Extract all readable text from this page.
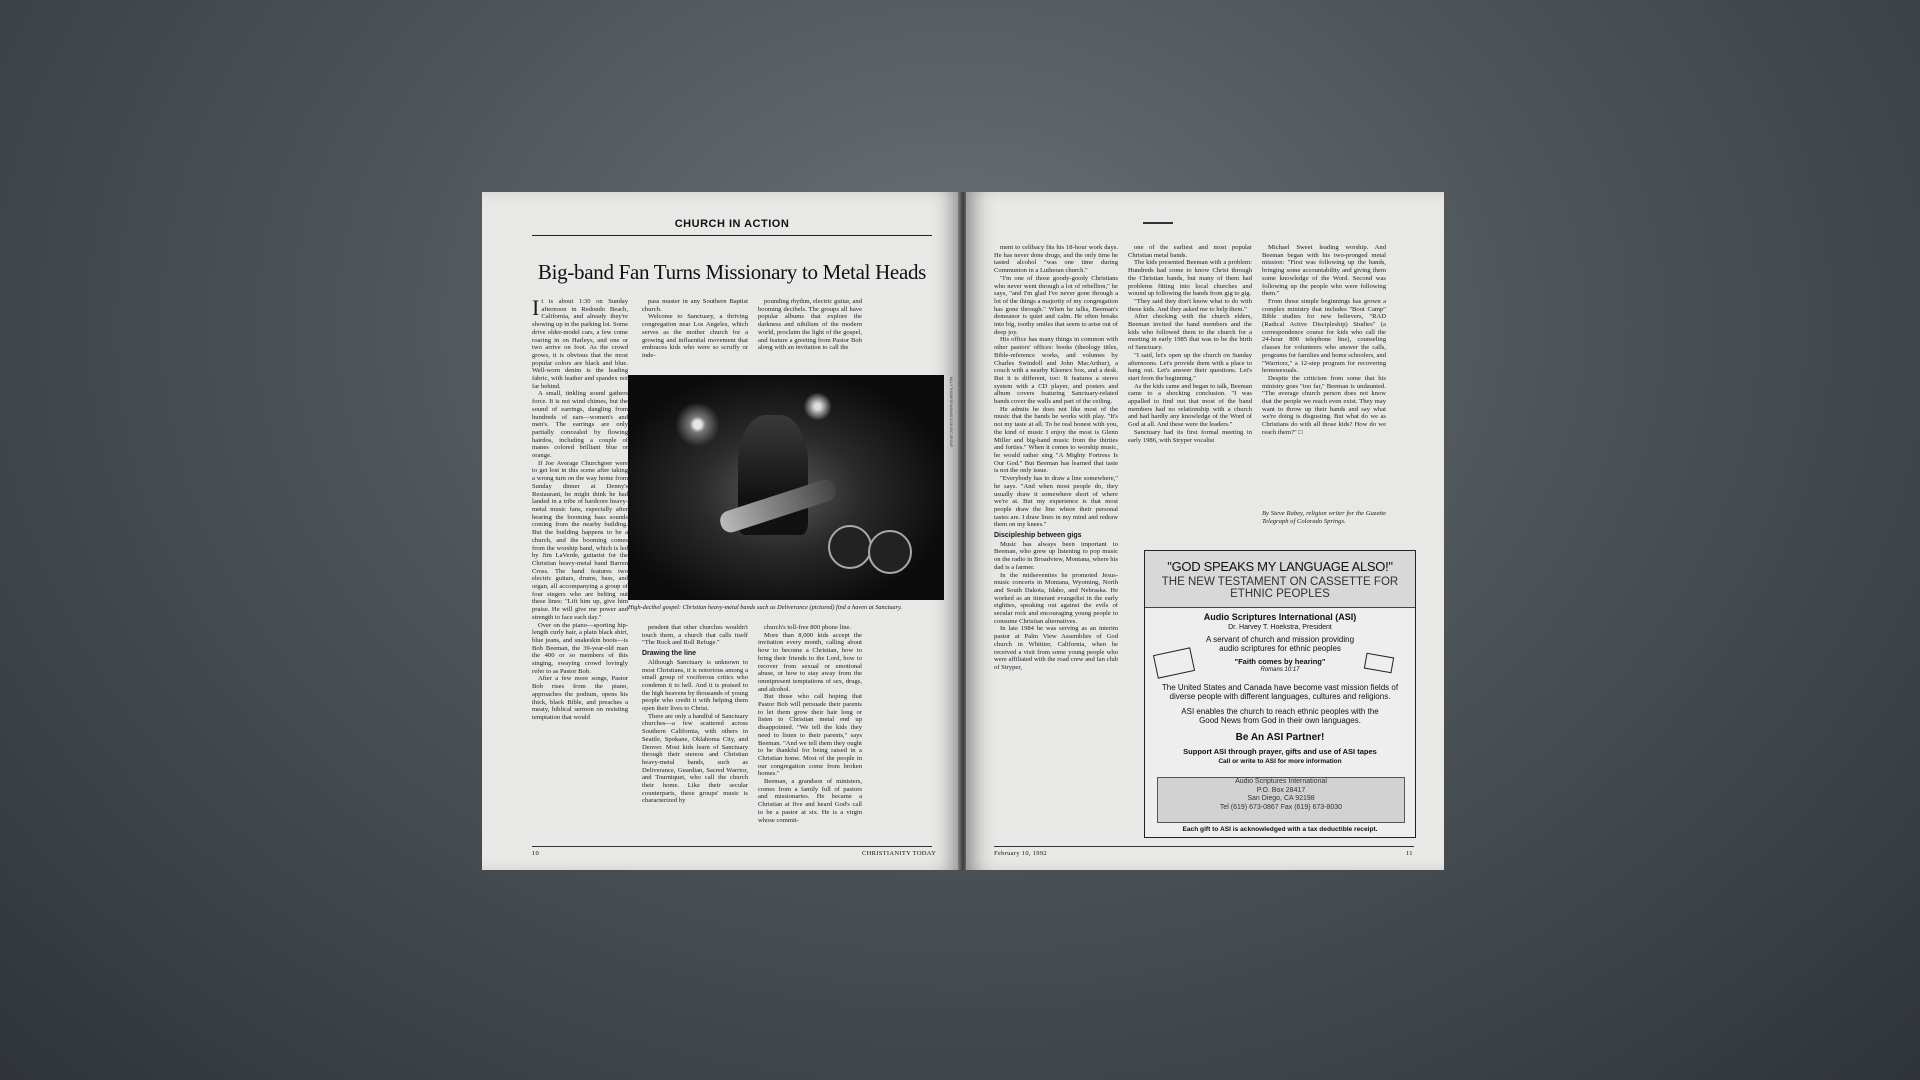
CHURCH IN ACTION
Big-band Fan Turns Missionary to Metal Heads
I t is about 1:30 on Sunday afternoon in Redondo Beach, California, and already they're showing up in the parking lot. Some drive older-model cars, a few come roaring in on Harleys, and one or two arrive on foot. As the crowd grows, it is obvious that the most popular colors are black and blue. Well-worn denim is the leading fabric, with leather and spandex not far behind.

A small, tinkling sound gathers force. It is not wind chimes, but the sound of earrings, dangling from hundreds of ears—women's and men's. The earrings are only partially concealed by flowing hairdos, including a couple of manes colored brilliant blue or orange.

If Joe Average Churchgoer were to get lost in this scene after taking a wrong turn on the way home from Sunday dinner at Denny's Restaurant, he might think he had landed in a tribe of hardcore heavy-metal music fans, especially after hearing the booming bass sounds coming from the nearby building. But the building happens to be a church, and the booming comes from the worship band, which is led by Jim LaVerde, guitarist for the Christian heavy-metal band Barren Cross. The band features two electric guitars, drums, bass, and organ, all accompanying a group of four singers who are belting out these lines: "Lift him up, give him praise. He will give me power and strength to face each day."

Over on the piano—sporting hip-length curly hair, a plain black shirt, blue jeans, and snakeskin boots—is Bob Beeman, the 39-year-old man the 400 or so members of this singing, swaying crowd lovingly refer to as Pastor Bob.

After a few more songs, Pastor Bob rises from the piano, approaches the podium, opens his thick, black Bible, and preaches a meaty, biblical sermon on resisting temptation that would

pass muster in any Southern Baptist church.

Welcome to Sanctuary, a thriving congregation near Los Angeles, which serves as the mother church for a growing and influential movement that embraces kids who were so scruffy or inde-

pounding rhythm, electric guitar, and booming decibels. The groups all have popular albums that explore the darkness and nihilism of the modern world, proclaim the light of the gospel, and feature a greeting from Pastor Bob along with an invitation to call the

BILLY THOMPSON/MARCO MUSIC GROUP
High-decibel gospel: Christian heavy-metal bands such as Deliverance (pictured) find a haven at Sanctuary.

pendent that other churches wouldn't touch them, a church that calls itself "The Rock and Roll Refuge."

Drawing the line

Although Sanctuary is unknown to most Christians, it is notorious among a small group of vociferous critics who condemn it to hell. And it is praised to the high heavens by thousands of young people who credit it with helping them open their lives to Christ.

There are only a handful of Sanctuary churches—a few scattered across Southern California, with others in Seattle, Spokane, Oklahoma City, and Denver. Most kids learn of Sanctuary through their stereos and Christian heavy-metal bands, such as Deliverance, Guardian, Sacred Warrior, and Tourniquet, who call the church their home. Like their secular counterparts, these groups' music is characterized by

church's toll-free 800 phone line.

More than 8,000 kids accept the invitation every month, calling about how to become a Christian, how to bring their friends to the Lord, how to recover from sexual or emotional abuse, or how to stay away from the omnipresent temptations of sex, drugs, and alcohol.

But those who call hoping that Pastor Bob will persuade their parents to let them grow their hair long or listen to Christian metal end up disappointed. "We tell the kids they need to listen to their parents," says Beeman. "And we tell them they ought to be thankful for being raised in a Christian home. Most of the people in our congregation come from broken homes."

Beeman, a grandson of ministers, comes from a family full of pastors and missionaries. He became a Christian at five and heard God's call to be a pastor at six. He is a virgin whose commit-

10	CHRISTIANITY TODAY

ment to celibacy fits his 18-hour work days. He has never done drugs, and the only time he tasted alcohol "was one time during Communion in a Lutheran church."

"I'm one of those goody-goody Christians who never went through a lot of rebellion," he says, "and I'm glad I've never gone through a lot of the things a majority of my congregation has gone through." When he talks, Beeman's demeanor is quiet and calm. He often breaks into big, toothy smiles that seem to arise out of deep joy.

His office has many things in common with other pastors' offices: books (theology titles, Bible-reference works, and volumes by Charles Swindoll and John MacArthur), a couch with a nearby Kleenex box, and a desk. But it is different, too: It features a stereo system with a CD player, and posters and album covers featuring Sanctuary-related bands cover the walls and part of the ceiling.

He admits he does not like most of the music that the bands he works with play. "It's not my taste at all. To be real honest with you, the kind of music I enjoy the most is Glenn Miller and big-band music from the thirties and forties." When it comes to worship music, he would rather sing "A Mighty Fortress Is Our God." But Beeman has learned that taste is not the only issue.

"Everybody has to draw a line somewhere," he says. "And when most people do, they usually draw it somewhere short of where we're at. But my experience is that most people draw the line where their personal tastes are. I draw lines in my mind and redraw them on my knees."

Discipleship between gigs

Music has always been important to Beeman, who grew up listening to pop music on the radio in Broadview, Montana, where his dad is a farmer.

In the midseventies he promoted Jesus-music concerts in Montana, Wyoming, North and South Dakota, Idaho, and Nebraska. He worked as an itinerant evangelist in the early eighties, speaking out against the evils of secular rock and encouraging young people to consume Christian alternatives.

In late 1984 he was serving as an interim pastor at Palm View Assemblies of God church in Whittier, California, when he received a visit from some young people who were affiliated with the road crew and fan club of Stryper,

one of the earliest and most popular Christian metal bands.

The kids presented Beeman with a problem: Hundreds had come to know Christ through the Christian bands, but many of them had problems fitting into local churches and wound up following the bands from gig to gig.

"They said they don't know what to do with these kids. And they asked me to help them."

After checking with the church elders, Beeman invited the band members and the kids who followed them to the church for a meeting in early 1985 that was to be the birth of Sanctuary.

"I said, let's open up the church on Sunday afternoons. Let's provide them with a place to hang out. Let's answer their questions. Let's start from the beginning."

As the kids came and began to talk, Beeman came to a shocking conclusion. "I was appalled to find out that most of the band members had no relationship with a church and had hardly any knowledge of the Word of God at all. And these were the leaders."

Sanctuary had its first formal meeting in early 1986, with Stryper vocalist

Michael Sweet leading worship. And Beeman began with his two-pronged metal mission: "First was following up the bands, bringing some accountability and giving them some knowledge of the Word. Second was following up the people who were following them."

From those simple beginnings has grown a complex ministry that includes "Boot Camp" Bible studies for new believers, "RAD (Radical Active Discipleship) Studies" (a correspondence course for kids who call the 24-hour 800 telephone line), counseling classes for volunteers who answer the calls, programs for families and home schoolers, and "Warriorz," a 12-step program for recovering homosexuals.

Despite the criticism from some that his ministry goes "too far," Beeman is undaunted. "The average church person does not know that the people we reach even exist. They may want to throw up their hands and say what we're doing is disgusting. But what do we as Christians do with all those kids? How do we reach them?" □

By Steve Rabey, religion writer for the Gazette Telegraph of Colorado Springs.
"GOD SPEAKS MY LANGUAGE ALSO!"
THE NEW TESTAMENT ON CASSETTE FOR ETHNIC PEOPLES
Audio Scriptures International (ASI)
Dr. Harvey T. Hoekstra, President
A servant of church and mission providing audio scriptures for ethnic peoples
"Faith comes by hearing"
Romans 10:17
The United States and Canada have become vast mission fields of diverse people with different languages, cultures and religions.
ASI enables the church to reach ethnic peoples with the Good News from God in their own languages.
Be An ASI Partner!
Support ASI through prayer, gifts and use of ASI tapes
Call or write to ASI for more information
Audio Scriptures International
P.O. Box 28417
San Diego, CA 92198
Tel (619) 673-0867 Fax (619) 673-8030
Each gift to ASI is acknowledged with a tax deductible receipt.
February 10, 1992	11
